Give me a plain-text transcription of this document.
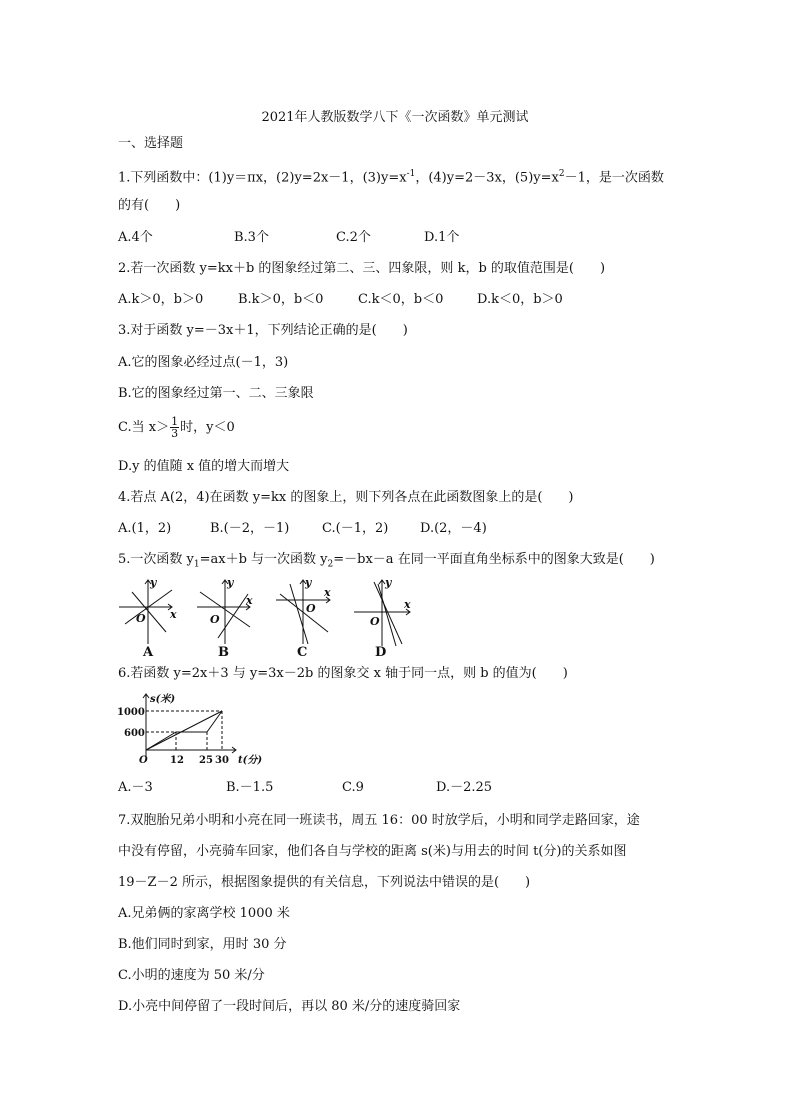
2021年人教版数学八下《一次函数》单元测试
一、选择题
1.下列函数中：(1)y＝πx，(2)y=2x－1，$(3)y=x^{-1}$，(4)y=2－3x，$(5)y=x^2-1$，是一次函数
的有(　　)
A.4个	B.3个	C.2个	D.1个
2.若一次函数 y=kx＋b 的图象经过第二、三、四象限，则 k，b 的取值范围是(　　)
A.k＞0，b＞0	B.k＞0，b＜0	C.k＜0，b＜0	D.k＜0，b＞0
3.对于函数 y=－3x＋1，下列结论正确的是(　　)
A.它的图象必经过点(－1，3)
B.它的图象经过第一、二、三象限
C.当 $x> \frac{1}{3}$ 时，y＜0
D.y 的值随 x 值的增大而增大
4.若点 A(2，4)在函数 y=kx 的图象上，则下列各点在此函数图象上的是(　　)
A.(1，2)	B.(－2，－1)	C.(－1，2) D.(2，－4)
5.一次函数 $y_1=ax+b$ 与一次函数 $y_2=-bx-a$ 在同一平面直角坐标系中的图象大致是(　　)
y
x
O
y
x
O
y
x
O
y
x
O
A	B	C	D
6.若函数 y=2x＋3 与 y=3x－2b 的图象交 x 轴于同一点，则 b 的值为(　　)
s(米)
t(分)
1000
600
O 12 25 30
A.－3	B.－1.5	C.9	D.－2.25
7.双胞胎兄弟小明和小亮在同一班读书，周五 16：00 时放学后，小明和同学走路回家，途
中没有停留，小亮骑车回家，他们各自与学校的距离 s(米)与用去的时间 t(分)的关系如图
19－Z－2 所示，根据图象提供的有关信息，下列说法中错误的是(　　)
A.兄弟俩的家离学校 1000 米
B.他们同时到家，用时 30 分
C.小明的速度为 50 米/分
D.小亮中间停留了一段时间后，再以 80 米/分的速度骑回家
